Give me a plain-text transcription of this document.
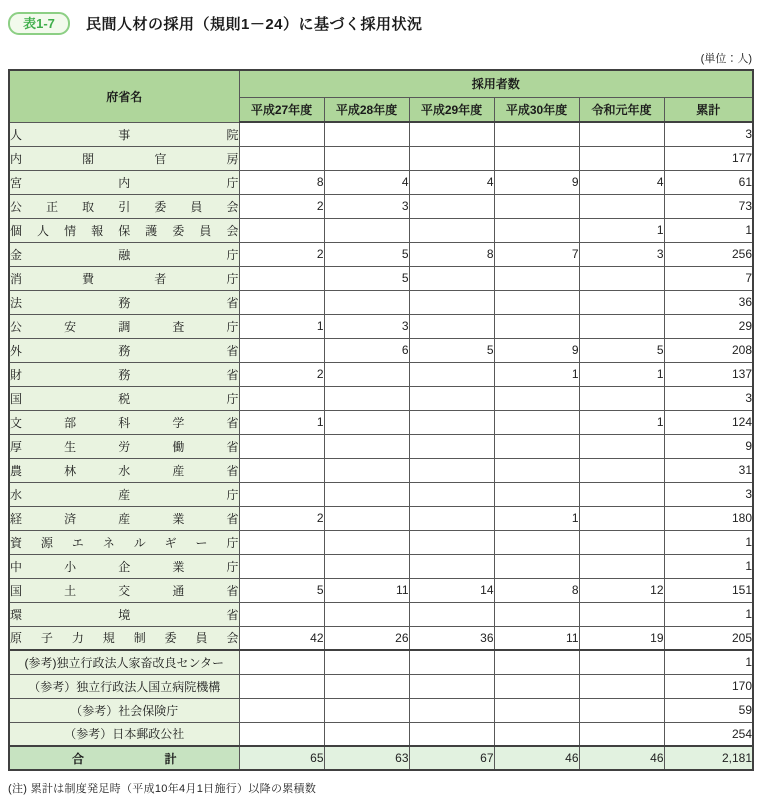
表1-7	民間人材の採用（規則1－24）に基づく採用状況
(単位：人)
府省名	採用者数					
	平成27年度	平成28年度	平成29年度	平成30年度	令和元年度	累計
人事院						3
内閣官房						177
宮内庁	8	4	4	9	4	61
公正取引委員会	2	3				73
個人情報保護委員会					1	1
金融庁	2	5	8	7	3	256
消費者庁		5				7
法務省						36
公安調査庁	1	3				29
外務省		6	5	9	5	208
財務省	2			1	1	137
国税庁						3
文部科学省	1				1	124
厚生労働省						9
農林水産省						31
水産庁						3
経済産業省	2			1		180
資源エネルギー庁						1
中小企業庁						1
国土交通省	5	11	14	8	12	151
環境省						1
原子力規制委員会	42	26	36	11	19	205
(参考)独立行政法人家畜改良センター						1
（参考）独立行政法人国立病院機構						170
（参考）社会保険庁						59
（参考）日本郵政公社						254
合計	65	63	67	46	46	2,181
(注) 累計は制度発足時（平成10年4月1日施行）以降の累積数
